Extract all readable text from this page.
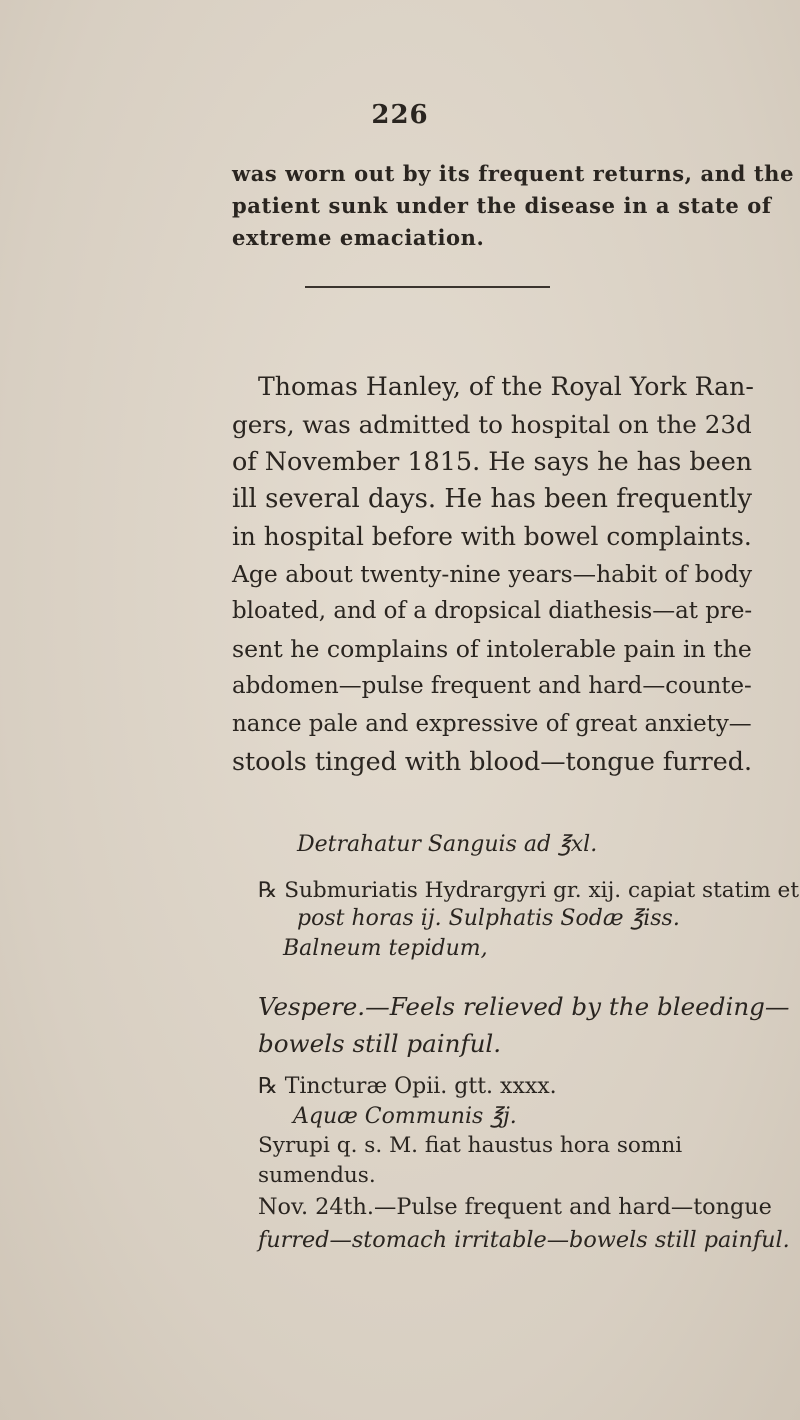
226
was worn out by its frequent returns, and the
patient sunk under the disease in a state of
extreme emaciation.
Thomas Hanley, of the Royal York Ran-
gers, was admitted to hospital on the 23d
of November 1815. He says he has been
ill several days. He has been frequently
in hospital before with bowel complaints.
Age about twenty-nine years—habit of body
bloated, and of a dropsical diathesis—at pre-
sent he complains of intolerable pain in the
abdomen—pulse frequent and hard—counte-
nance pale and expressive of great anxiety—
stools tinged with blood—tongue furred.
Detrahatur Sanguis ad ℥xl.
℞ Submuriatis Hydrargyri gr. xij. capiat statim et
post horas ij. Sulphatis Sodæ ℥iss.
Balneum tepidum,
Vespere.—Feels relieved by the bleeding—
bowels still painful.
℞ Tincturæ Opii. gtt. xxxx.
Aquæ Communis ℥j.
Syrupi q. s. M. fiat haustus hora somni sumendus.
Nov. 24th.—Pulse frequent and hard—tongue
furred—stomach irritable—bowels still painful.
